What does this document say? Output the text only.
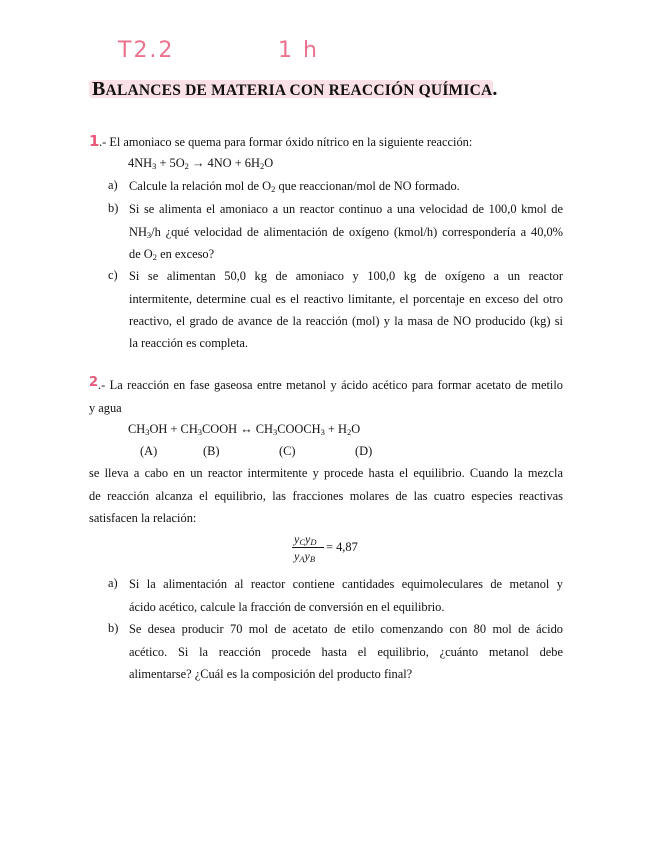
T2.2	1 h
BALANCES DE MATERIA CON REACCIÓN QUÍMICA.
1 .- El amoniaco se quema para formar óxido nítrico en la siguiente reacción:
$4NH_3 + 5O_2 \to 4NO + 6H_2O$
a) Calcule la relación mol de $O_2$ que reaccionan/mol de NO formado.
b) Si se alimenta el amoniaco a un reactor continuo a una velocidad de 100,0 kmol de
$NH_3/h$ ¿qué velocidad de alimentación de oxígeno (kmol/h) correspondería a 40,0%
de $O_2$ en exceso?
c) Si se alimentan 50,0 kg de amoniaco y 100,0 kg de oxígeno a un reactor
intermitente, determine cual es el reactivo limitante, el porcentaje en exceso del otro
reactivo, el grado de avance de la reacción (mol) y la masa de NO producido (kg) si
la reacción es completa.
2 .- La reacción en fase gaseosa entre metanol y ácido acético para formar acetato de metilo
y agua
$CH_3OH$ + $CH_3COOH$ ↔ $CH_3COOCH_3 + H_2O$
(A)	(B)	(C)	(D)
se lleva a cabo en un reactor intermitente y procede hasta el equilibrio. Cuando la mezcla
de reacción alcanza el equilibrio, las fracciones molares de las cuatro especies reactivas
satisfacen la relación:
$y_Cy_D$
$y_Ay_B$
= 4,87
a) Si la alimentación al reactor contiene cantidades equimoleculares de metanol y
ácido acético, calcule la fracción de conversión en el equilibrio.
b) Se desea producir 70 mol de acetato de etilo comenzando con 80 mol de ácido
acético. Si la reacción procede hasta el equilibrio, ¿cuánto metanol debe
alimentarse? ¿Cuál es la composición del producto final?
